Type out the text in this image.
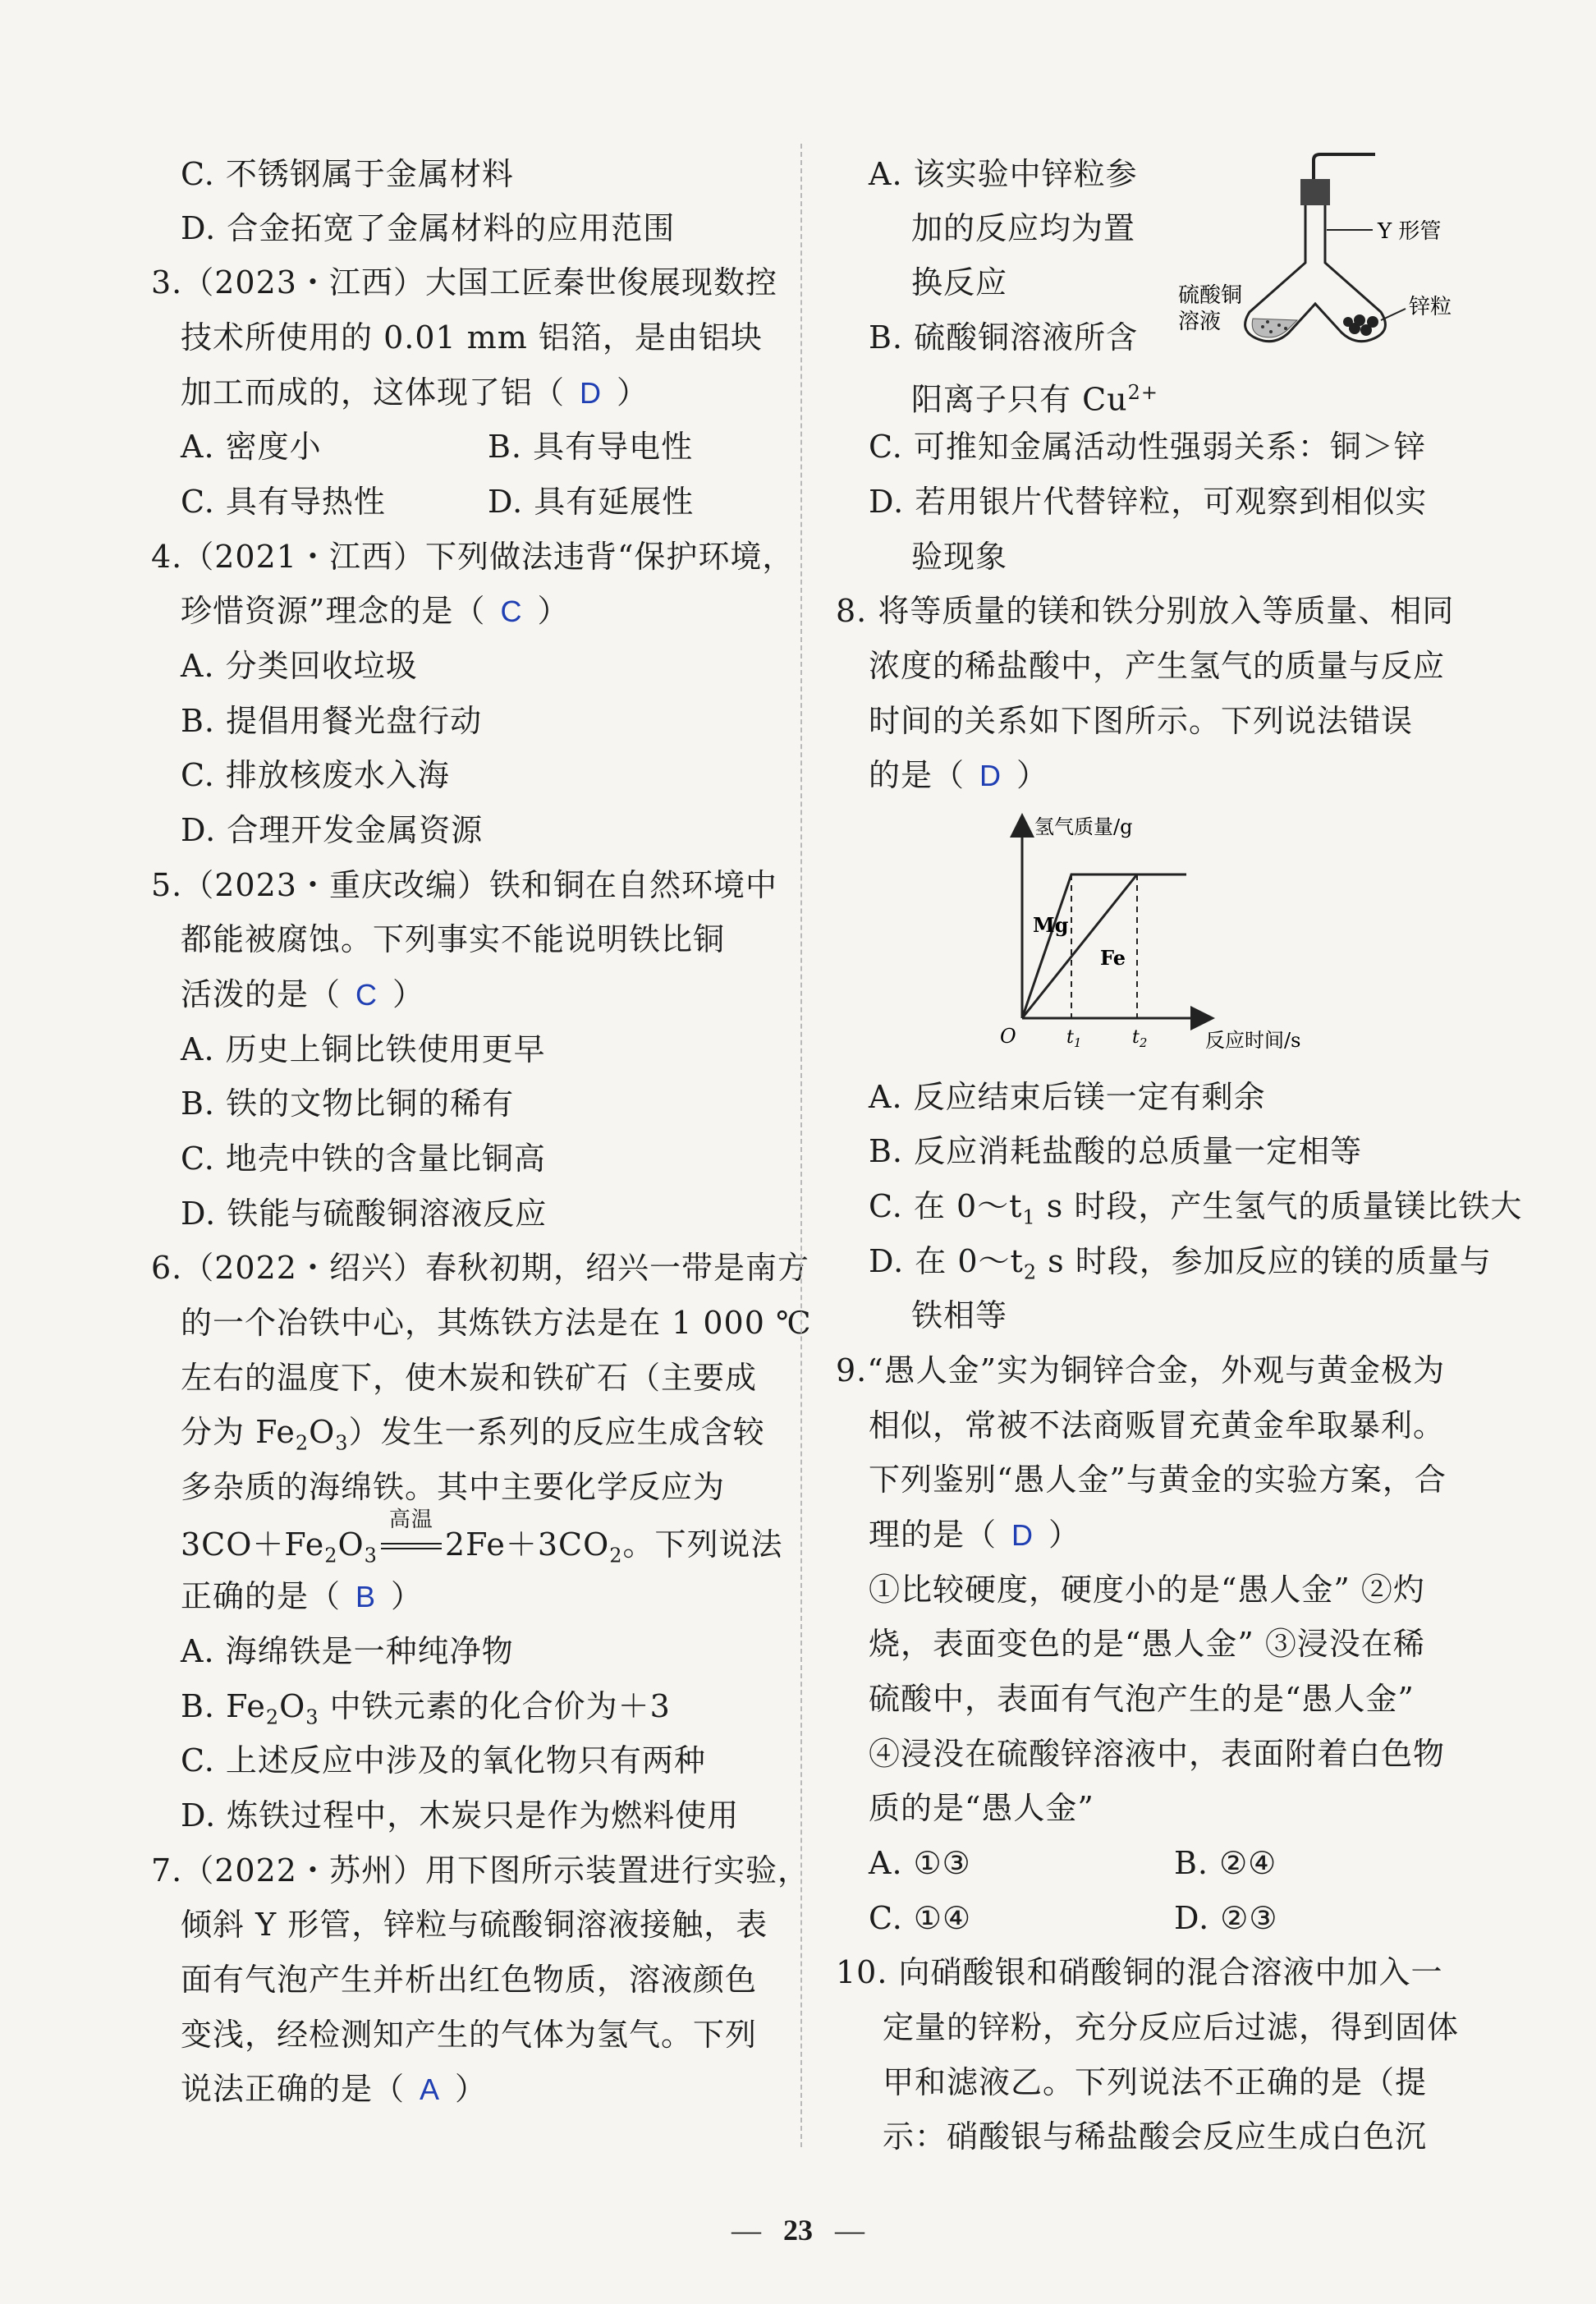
C. 不锈钢属于金属材料
D. 合金拓宽了金属材料的应用范围
3.（2023・江西）大国工匠秦世俊展现数控
技术所使用的 0.01 mm 铝箔，是由铝块
加工而成的，这体现了铝（ D ）
A. 密度小	B. 具有导电性
C. 具有导热性	D. 具有延展性
4.（2021・江西）下列做法违背“保护环境，
珍惜资源”理念的是（ C ）
A. 分类回收垃圾
B. 提倡用餐光盘行动
C. 排放核废水入海
D. 合理开发金属资源
5.（2023・重庆改编）铁和铜在自然环境中
都能被腐蚀。下列事实不能说明铁比铜
活泼的是（ C ）
A. 历史上铜比铁使用更早
B. 铁的文物比铜的稀有
C. 地壳中铁的含量比铜高
D. 铁能与硫酸铜溶液反应
6.（2022・绍兴）春秋初期，绍兴一带是南方
的一个冶铁中心，其炼铁方法是在 1 000 ℃
左右的温度下，使木炭和铁矿石（主要成
分为 $Fe_2O_3$）发生一系列的反应生成含较
多杂质的海绵铁。其中主要化学反应为
$3CO+Fe_2O_3$
高温
$2Fe+3CO_2$。下列说法
正确的是（ B ）
A. 海绵铁是一种纯净物
B. $Fe_2O_3$ 中铁元素的化合价为＋3
C. 上述反应中涉及的氧化物只有两种
D. 炼铁过程中，木炭只是作为燃料使用
7.（2022・苏州）用下图所示装置进行实验，
倾斜 Y 形管，锌粒与硫酸铜溶液接触，表
面有气泡产生并析出红色物质，溶液颜色
变浅，经检测知产生的气体为氢气。下列
说法正确的是（ A ）
A. 该实验中锌粒参
加的反应均为置
换反应
B. 硫酸铜溶液所含
阳离子只有 $Cu^{2+}$
C. 可推知金属活动性强弱关系：铜＞锌
D. 若用银片代替锌粒，可观察到相似实
验现象
Y 形管
锌粒
硫酸铜
溶液
8. 将等质量的镁和铁分别放入等质量、相同
浓度的稀盐酸中，产生氢气的质量与反应
时间的关系如下图所示。下列说法错误
的是（ D ）
氢气质量/g
反应时间/s
O	$t_1$	$t_2$
Mg
Fe
A. 反应结束后镁一定有剩余
B. 反应消耗盐酸的总质量一定相等
C. 在 $0\sim t_1$ s 时段，产生氢气的质量镁比铁大
D. 在 $0\sim t_2$ s 时段，参加反应的镁的质量与
铁相等
9.“愚人金”实为铜锌合金，外观与黄金极为
相似，常被不法商贩冒充黄金牟取暴利。
下列鉴别“愚人金”与黄金的实验方案，合
理的是（ D ）
①比较硬度，硬度小的是“愚人金” ②灼
烧，表面变色的是“愚人金” ③浸没在稀
硫酸中，表面有气泡产生的是“愚人金”
④浸没在硫酸锌溶液中，表面附着白色物
质的是“愚人金”
A. ①③	B. ②④
C. ①④	D. ②③
10. 向硝酸银和硝酸铜的混合溶液中加入一
定量的锌粉，充分反应后过滤，得到固体
甲和滤液乙。下列说法不正确的是（提
示：硝酸银与稀盐酸会反应生成白色沉
— 23 —
